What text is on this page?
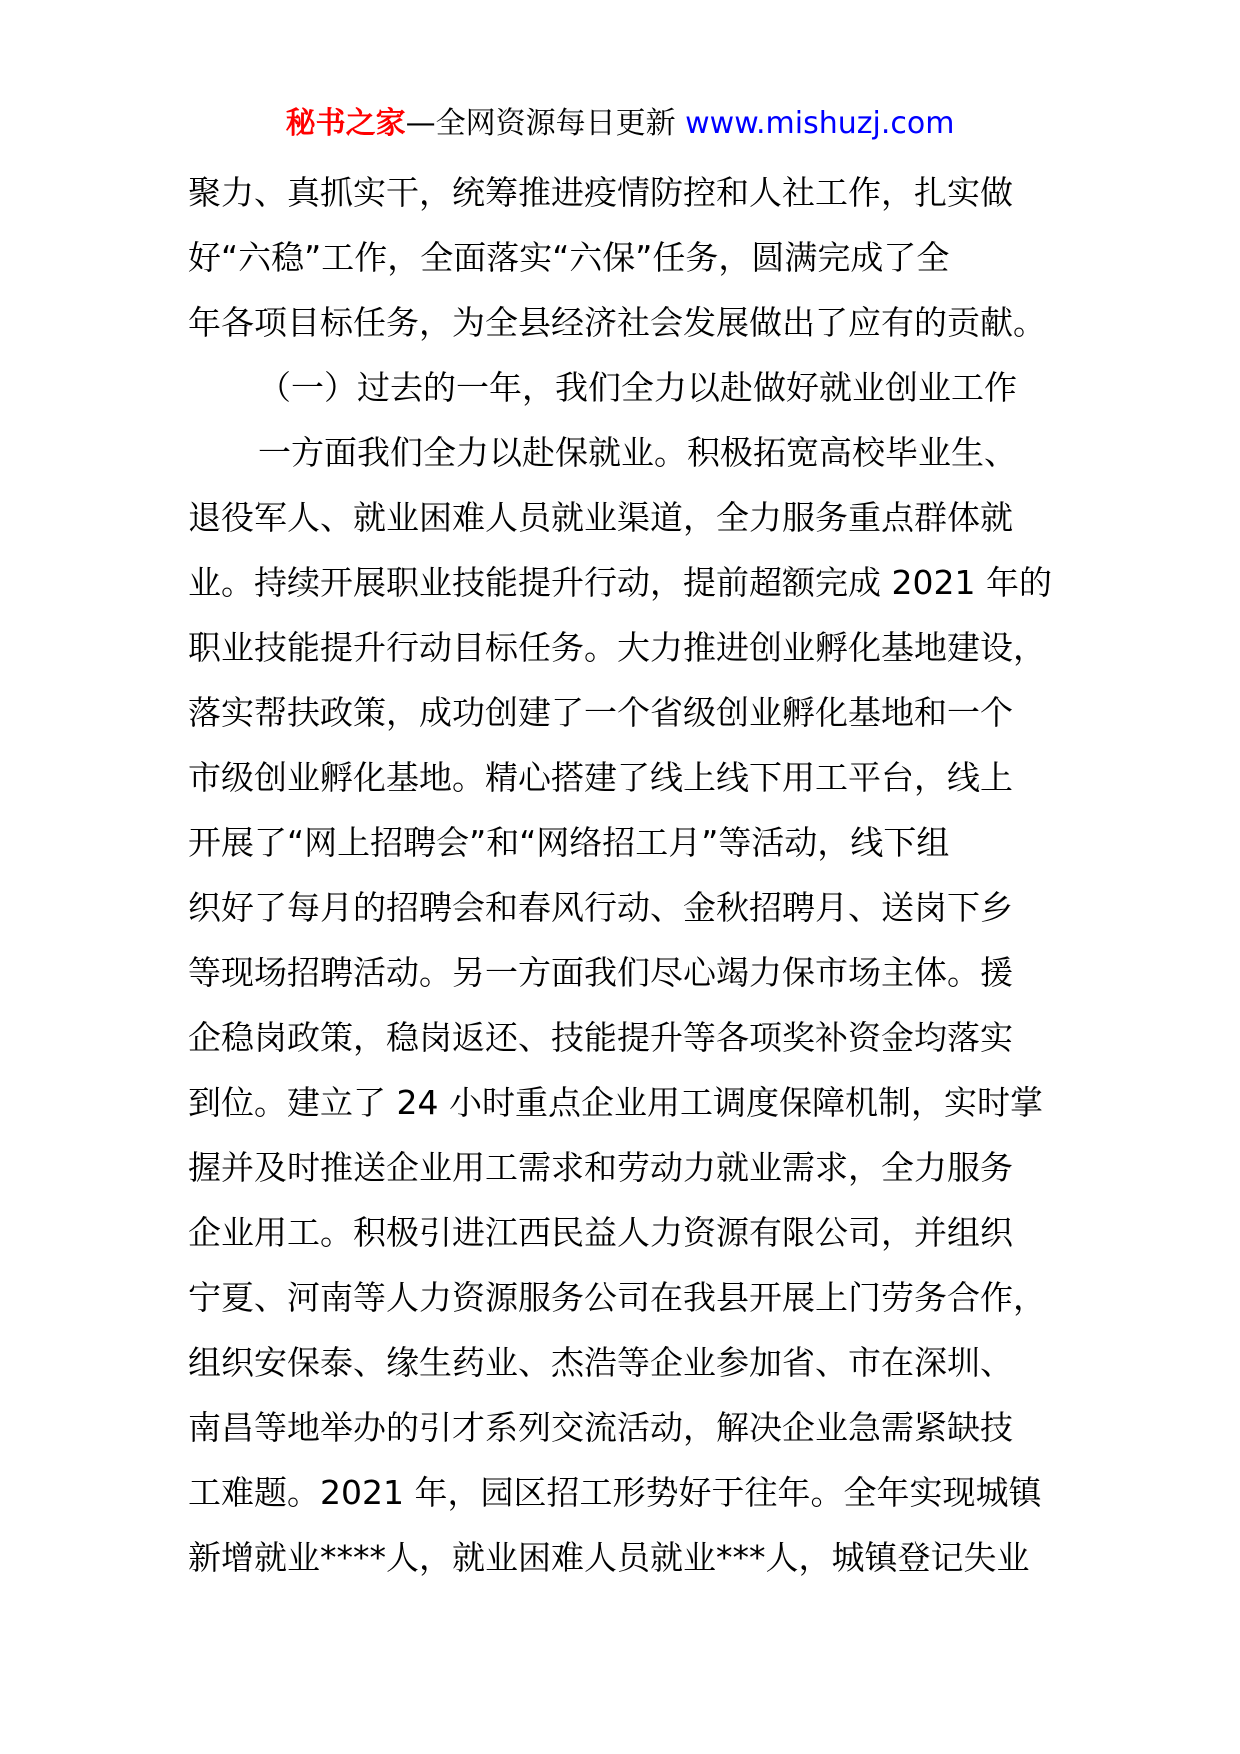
秘书之家—全网资源每日更新 www.mishuzj.com
聚力、真抓实干，统筹推进疫情防控和人社工作，扎实做
好“六稳”工作，全面落实“六保”任务，圆满完成了全
年各项目标任务，为全县经济社会发展做出了应有的贡献。
（一）过去的一年，我们全力以赴做好就业创业工作
一方面我们全力以赴保就业。积极拓宽高校毕业生、
退役军人、就业困难人员就业渠道，全力服务重点群体就
业。持续开展职业技能提升行动，提前超额完成 2021 年的
职业技能提升行动目标任务。大力推进创业孵化基地建设，
落实帮扶政策，成功创建了一个省级创业孵化基地和一个
市级创业孵化基地。精心搭建了线上线下用工平台，线上
开展了“网上招聘会”和“网络招工月”等活动，线下组
织好了每月的招聘会和春风行动、金秋招聘月、送岗下乡
等现场招聘活动。另一方面我们尽心竭力保市场主体。援
企稳岗政策，稳岗返还、技能提升等各项奖补资金均落实
到位。建立了 24 小时重点企业用工调度保障机制，实时掌
握并及时推送企业用工需求和劳动力就业需求，全力服务
企业用工。积极引进江西民益人力资源有限公司，并组织
宁夏、河南等人力资源服务公司在我县开展上门劳务合作，
组织安保泰、缘生药业、杰浩等企业参加省、市在深圳、
南昌等地举办的引才系列交流活动，解决企业急需紧缺技
工难题。2021 年，园区招工形势好于往年。全年实现城镇
新增就业****人，就业困难人员就业***人，城镇登记失业
